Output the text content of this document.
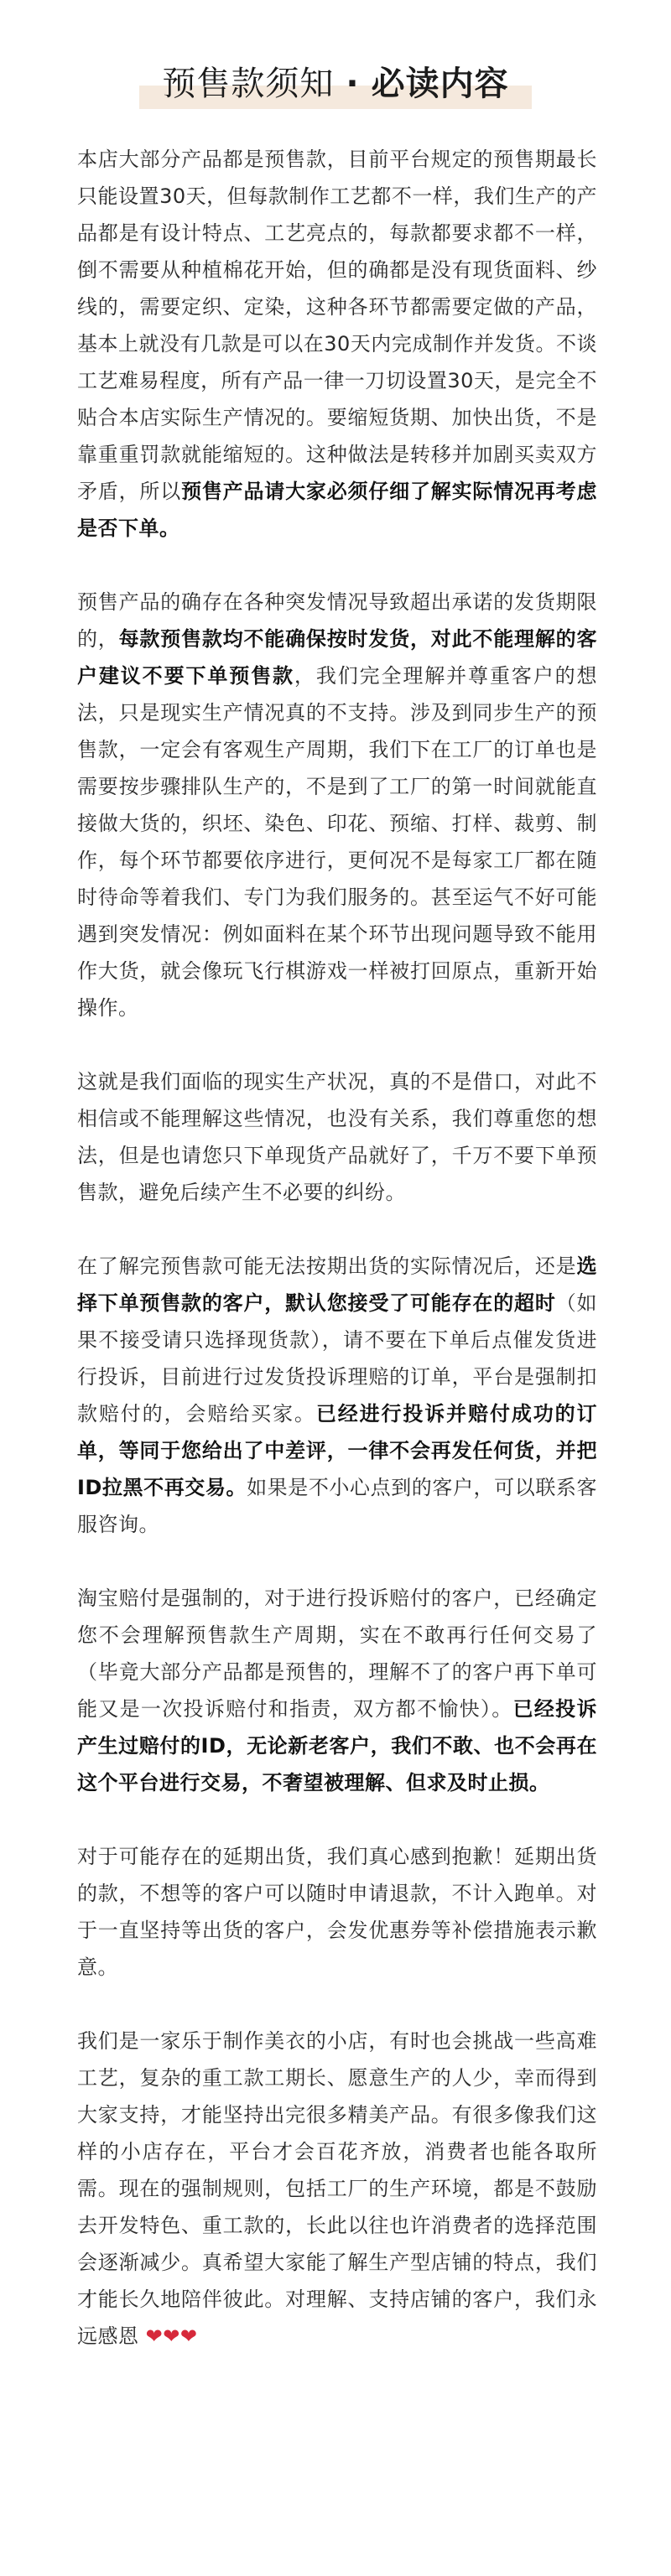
预售款须知 · 必读内容

本店大部分产品都是预售款，目前平台规定的预售期最长只能设置30天，但每款制作工艺都不一样，我们生产的产品都是有设计特点、工艺亮点的，每款都要求都不一样，倒不需要从种植棉花开始，但的确都是没有现货面料、纱线的，需要定织、定染，这种各环节都需要定做的产品，基本上就没有几款是可以在30天内完成制作并发货。不谈工艺难易程度，所有产品一律一刀切设置30天，是完全不贴合本店实际生产情况的。要缩短货期、加快出货，不是靠重重罚款就能缩短的。这种做法是转移并加剧买卖双方矛盾，所以预售产品请大家必须仔细了解实际情况再考虑是否下单。

预售产品的确存在各种突发情况导致超出承诺的发货期限的，每款预售款均不能确保按时发货，对此不能理解的客户建议不要下单预售款，我们完全理解并尊重客户的想法，只是现实生产情况真的不支持。涉及到同步生产的预售款，一定会有客观生产周期，我们下在工厂的订单也是需要按步骤排队生产的，不是到了工厂的第一时间就能直接做大货的，织坯、染色、印花、预缩、打样、裁剪、制作，每个环节都要依序进行，更何况不是每家工厂都在随时待命等着我们、专门为我们服务的。甚至运气不好可能遇到突发情况：例如面料在某个环节出现问题导致不能用作大货，就会像玩飞行棋游戏一样被打回原点，重新开始操作。

这就是我们面临的现实生产状况，真的不是借口，对此不相信或不能理解这些情况，也没有关系，我们尊重您的想法，但是也请您只下单现货产品就好了，千万不要下单预售款，避免后续产生不必要的纠纷。

在了解完预售款可能无法按期出货的实际情况后，还是选择下单预售款的客户，默认您接受了可能存在的超时（如果不接受请只选择现货款），请不要在下单后点催发货进行投诉，目前进行过发货投诉理赔的订单，平台是强制扣款赔付的，会赔给买家。已经进行投诉并赔付成功的订单，等同于您给出了中差评，一律不会再发任何货，并把ID拉黑不再交易。如果是不小心点到的客户，可以联系客服咨询。

淘宝赔付是强制的，对于进行投诉赔付的客户，已经确定您不会理解预售款生产周期，实在不敢再行任何交易了（毕竟大部分产品都是预售的，理解不了的客户再下单可能又是一次投诉赔付和指责，双方都不愉快）。已经投诉产生过赔付的ID，无论新老客户，我们不敢、也不会再在这个平台进行交易，不奢望被理解、但求及时止损。

对于可能存在的延期出货，我们真心感到抱歉！延期出货的款，不想等的客户可以随时申请退款，不计入跑单。对于一直坚持等出货的客户，会发优惠券等补偿措施表示歉意。

我们是一家乐于制作美衣的小店，有时也会挑战一些高难工艺，复杂的重工款工期长、愿意生产的人少，幸而得到大家支持，才能坚持出完很多精美产品。有很多像我们这样的小店存在，平台才会百花齐放，消费者也能各取所需。现在的强制规则，包括工厂的生产环境，都是不鼓励去开发特色、重工款的，长此以往也许消费者的选择范围会逐渐减少。真希望大家能了解生产型店铺的特点，我们才能长久地陪伴彼此。对理解、支持店铺的客户，我们永远感恩 ❤❤❤
